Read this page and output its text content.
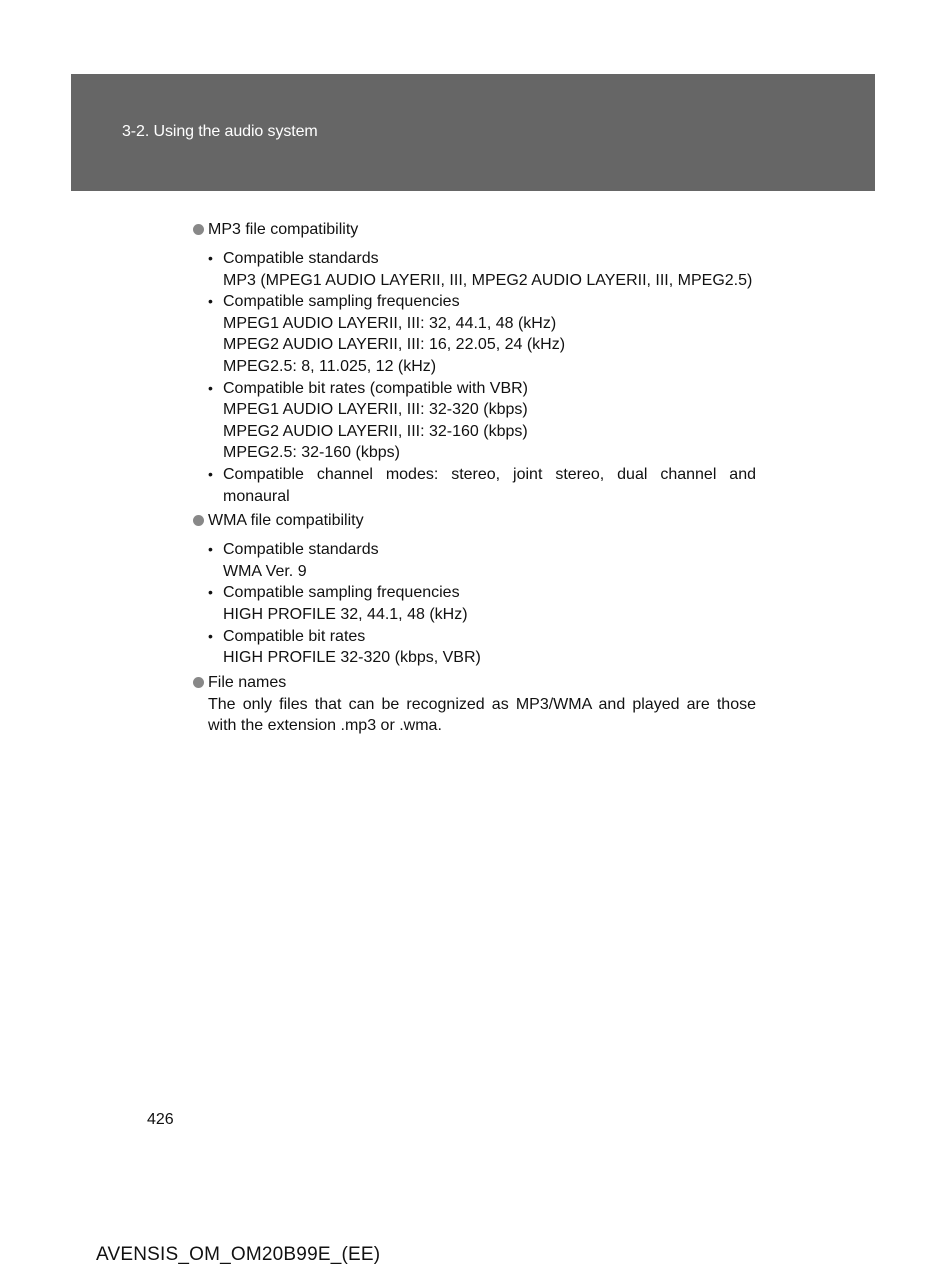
3-2. Using the audio system
MP3 file compatibility
• Compatible standards
MP3 (MPEG1 AUDIO LAYERII, III, MPEG2 AUDIO LAYERII, III, MPEG2.5)
• Compatible sampling frequencies
MPEG1 AUDIO LAYERII, III: 32, 44.1, 48 (kHz)
MPEG2 AUDIO LAYERII, III: 16, 22.05, 24 (kHz)
MPEG2.5: 8, 11.025, 12 (kHz)
• Compatible bit rates (compatible with VBR)
MPEG1 AUDIO LAYERII, III: 32-320 (kbps)
MPEG2 AUDIO LAYERII, III: 32-160 (kbps)
MPEG2.5: 32-160 (kbps)
• Compatible channel modes: stereo, joint stereo, dual channel and monaural
WMA file compatibility
• Compatible standards
WMA Ver. 9
• Compatible sampling frequencies
HIGH PROFILE 32, 44.1, 48 (kHz)
• Compatible bit rates
HIGH PROFILE 32-320 (kbps, VBR)
File names
The only files that can be recognized as MP3/WMA and played are those with the extension .mp3 or .wma.
426
AVENSIS_OM_OM20B99E_(EE)
